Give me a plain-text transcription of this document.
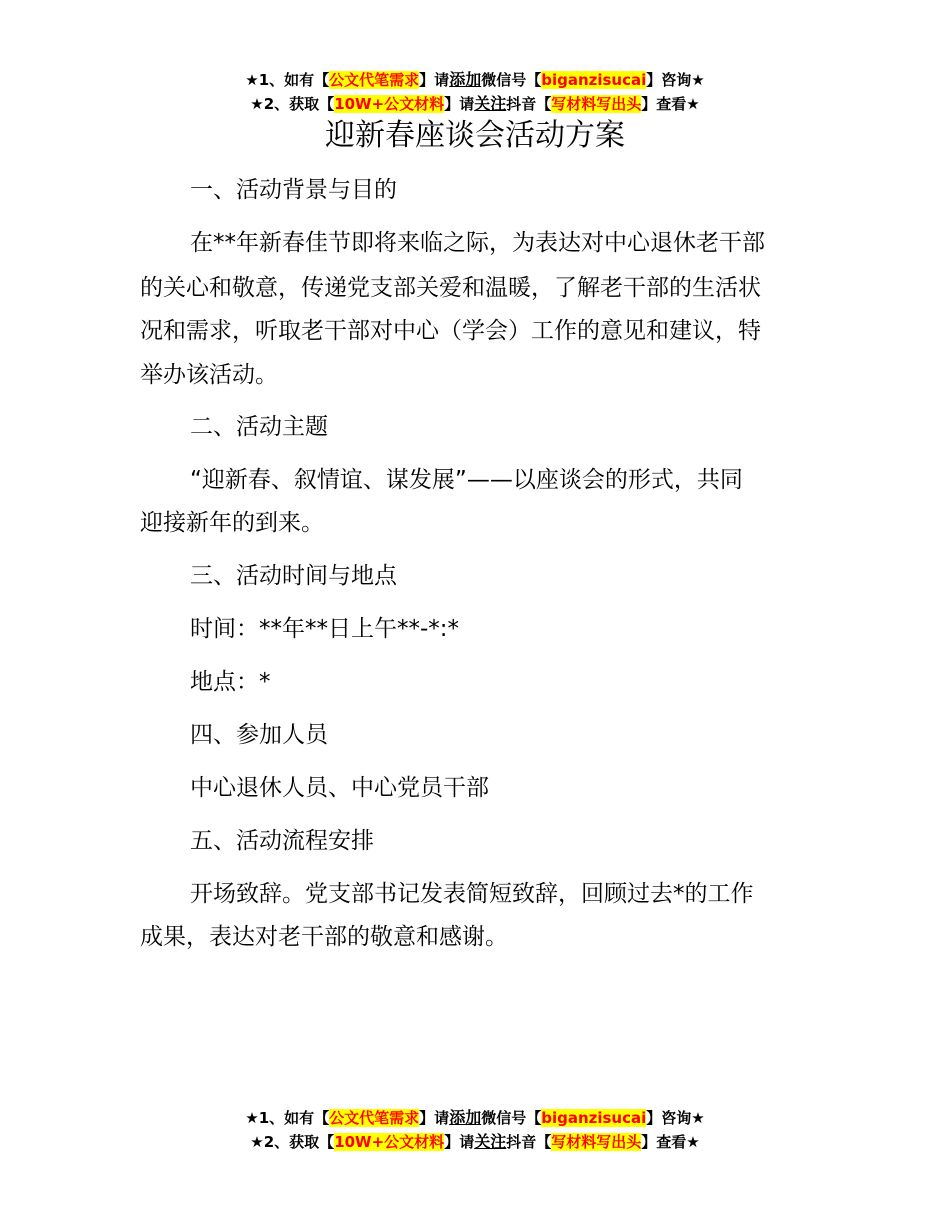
★1、如有【公文代笔需求】请添加微信号【biganzisucai】咨询★
★2、获取【10W+公文材料】请关注抖音【写材料写出头】查看★
迎新春座谈会活动方案
一、活动背景与目的
在**年新春佳节即将来临之际，为表达对中心退休老干部
的关心和敬意，传递党支部关爱和温暖，了解老干部的生活状
况和需求，听取老干部对中心（学会）工作的意见和建议，特
举办该活动。
二、活动主题
“迎新春、叙情谊、谋发展”——以座谈会的形式，共同
迎接新年的到来。
三、活动时间与地点
时间：**年**日上午**-*:*
地点：*
四、参加人员
中心退休人员、中心党员干部
五、活动流程安排
开场致辞。党支部书记发表简短致辞，回顾过去*的工作
成果，表达对老干部的敬意和感谢。
★1、如有【公文代笔需求】请添加微信号【biganzisucai】咨询★
★2、获取【10W+公文材料】请关注抖音【写材料写出头】查看★
